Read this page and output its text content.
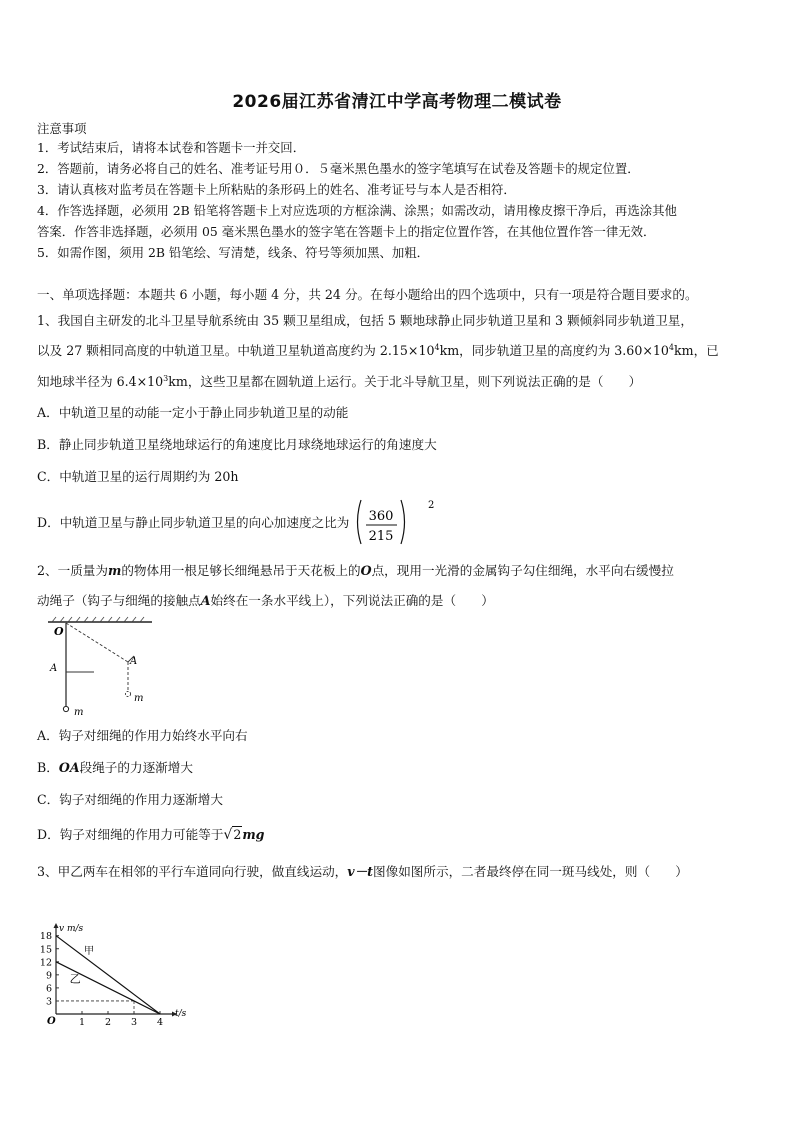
2026届江苏省清江中学高考物理二模试卷
注意事项
1．考试结束后，请将本试卷和答题卡一并交回．
2．答题前，请务必将自己的姓名、准考证号用０．５毫米黑色墨水的签字笔填写在试卷及答题卡的规定位置．
3．请认真核对监考员在答题卡上所粘贴的条形码上的姓名、准考证号与本人是否相符．
4．作答选择题，必须用 2B 铅笔将答题卡上对应选项的方框涂满、涂黑；如需改动，请用橡皮擦干净后，再选涂其他
答案．作答非选择题，必须用 05 毫米黑色墨水的签字笔在答题卡上的指定位置作答，在其他位置作答一律无效．
5．如需作图，须用 2B 铅笔绘、写清楚，线条、符号等须加黑、加粗．
一、单项选择题：本题共 6 小题，每小题 4 分，共 24 分。在每小题给出的四个选项中，只有一项是符合题目要求的。
1、我国自主研发的北斗卫星导航系统由 35 颗卫星组成，包括 5 颗地球静止同步轨道卫星和 3 颗倾斜同步轨道卫星，
以及 27 颗相同高度的中轨道卫星。中轨道卫星轨道高度约为 $2.15\times 10^4km$，同步轨道卫星的高度约为 $3.60\times 10^4km$，已
知地球半径为 $6.4\times 10^3km$，这些卫星都在圆轨道上运行。关于北斗导航卫星，则下列说法正确的是（　　）
A．中轨道卫星的动能一定小于静止同步轨道卫星的动能
B．静止同步轨道卫星绕地球运行的角速度比月球绕地球运行的角速度大
C．中轨道卫星的运行周期约为 20h
D．中轨道卫星与静止同步轨道卫星的向心加速度之比为 360
215
2
2、一质量为m的物体用一根足够长细绳悬吊于天花板上的O点，现用一光滑的金属钩子勾住细绳，水平向右缓慢拉
动绳子（钩子与细绳的接触点A始终在一条水平线上），下列说法正确的是（　　）
O
m
A
m
A
A．钩子对细绳的作用力始终水平向右
B．OA段绳子的力逐渐增大
C．钩子对细绳的作用力逐渐增大
D．钩子对细绳的作用力可能等于√2mg
3、甲乙两车在相邻的平行车道同向行驶，做直线运动，v－t图像如图所示，二者最终停在同一斑马线处，则（　　）
v m/s
t/s
O
3
6
9
12
15
18
1 2 3 4
甲
乙
